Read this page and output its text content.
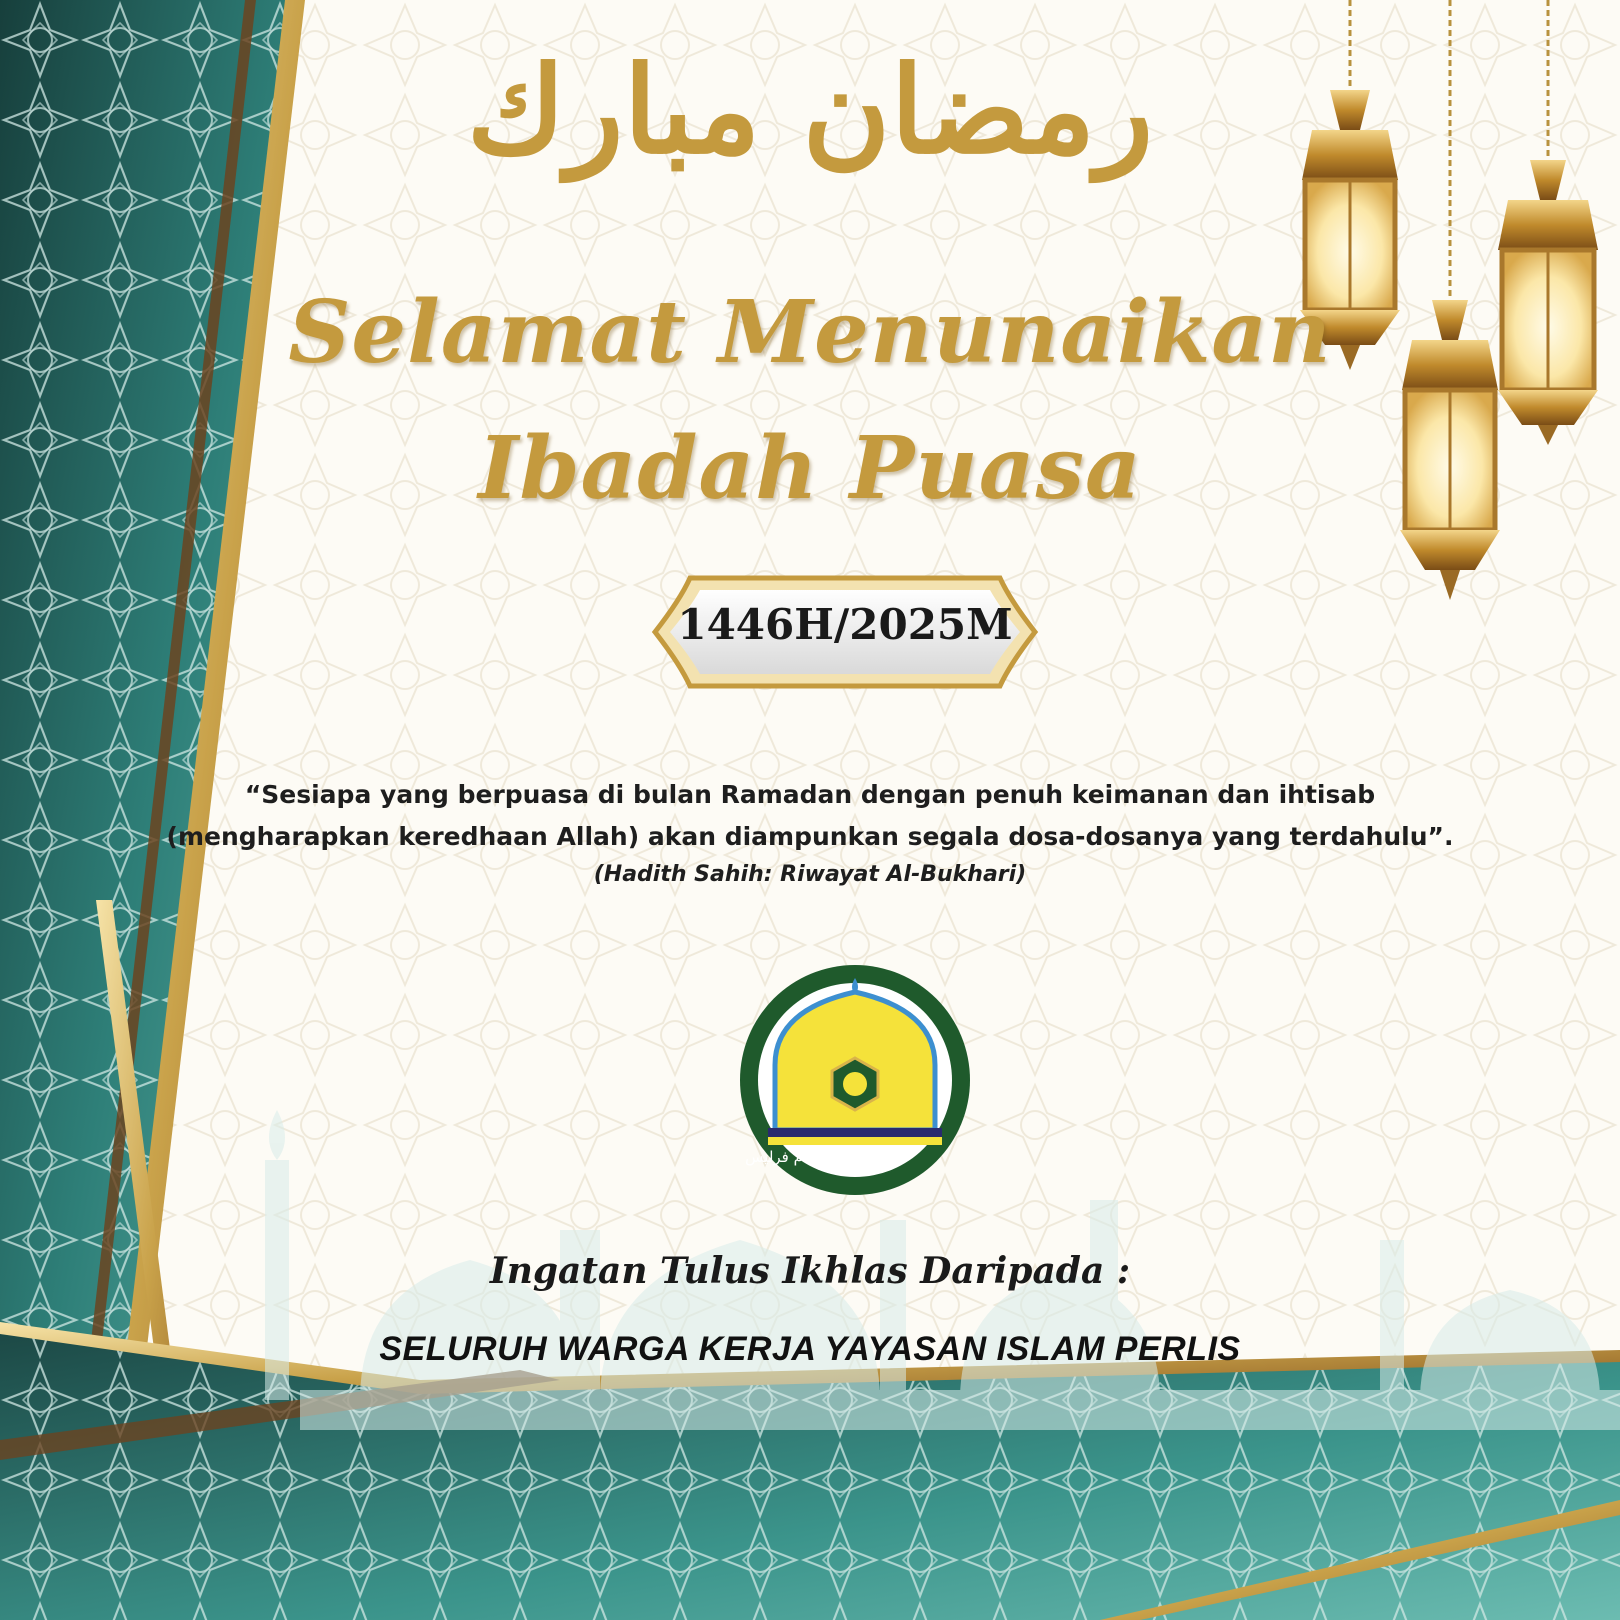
رمضان مبارك
Selamat Menunaikan
Ibadah Puasa
1446H/2025M
“Sesiapa yang berpuasa di bulan Ramadan dengan penuh keimanan dan ihtisab
(mengharapkan keredhaan Allah) akan diampunkan segala dosa-dosanya yang terdahulu”.
(Hadith Sahih: Riwayat Al-Bukhari)
ياياسن اسلام فرليس
Ingatan Tulus Ikhlas Daripada :
SELURUH WARGA KERJA YAYASAN ISLAM PERLIS
